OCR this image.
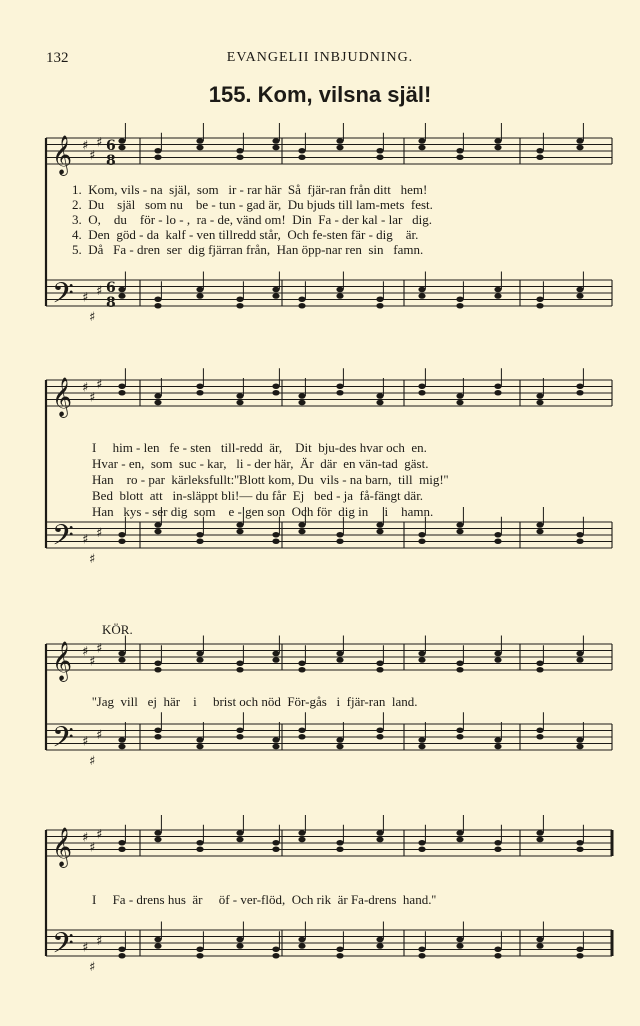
132	EVANGELII INBJUDNING.
155. Kom, vilsna själ!
𝄞 ♯
♯
♯ 6
8
𝄢 ♯
♯
♯ 6
8
1.  Kom, vils - na  själ,  som   ir - rar här  Så  fjär-ran från ditt   hem!
2.  Du    själ   som nu    be - tun - gad är,  Du bjuds till lam-mets  fest.
3.  O,    du    för - lo - ,  ra - de, vänd om!  Din  Fa - der kal - lar   dig.
4.  Den  göd - da  kalf - ven tillredd står,  Och fe-sten fär - dig    är.
5.  Då   Fa - dren  ser  dig fjärran från,  Han öpp-nar ren  sin   famn.
𝄞 ♯
♯
♯
𝄢 ♯
♯
♯
I     him - len   fe - sten   till-redd  är,    Dit  bju-des hvar och  en.
Hvar - en,  som  suc - kar,   li - der här,  Är  där  en vän-tad  gäst.
Han    ro - par  kärleksfullt:''Blott kom, Du  vils - na barn,  till  mig!''
Bed  blott  att   in-släppt bli!— du får  Ej   bed - ja  få-fängt där.
Han   kys - ser dig  som    e - gen son  Och för  dig in     i    hamn.
KÖR.
𝄞 ♯
♯
♯
𝄢 ♯
♯
♯
''Jag  vill   ej  här    i     brist och nöd  För-gås   i  fjär-ran  land.
𝄞 ♯
♯
♯
𝄢 ♯
♯
♯
I     Fa - drens hus  är     öf - ver-flöd,  Och rik  är Fa-drens  hand.''
